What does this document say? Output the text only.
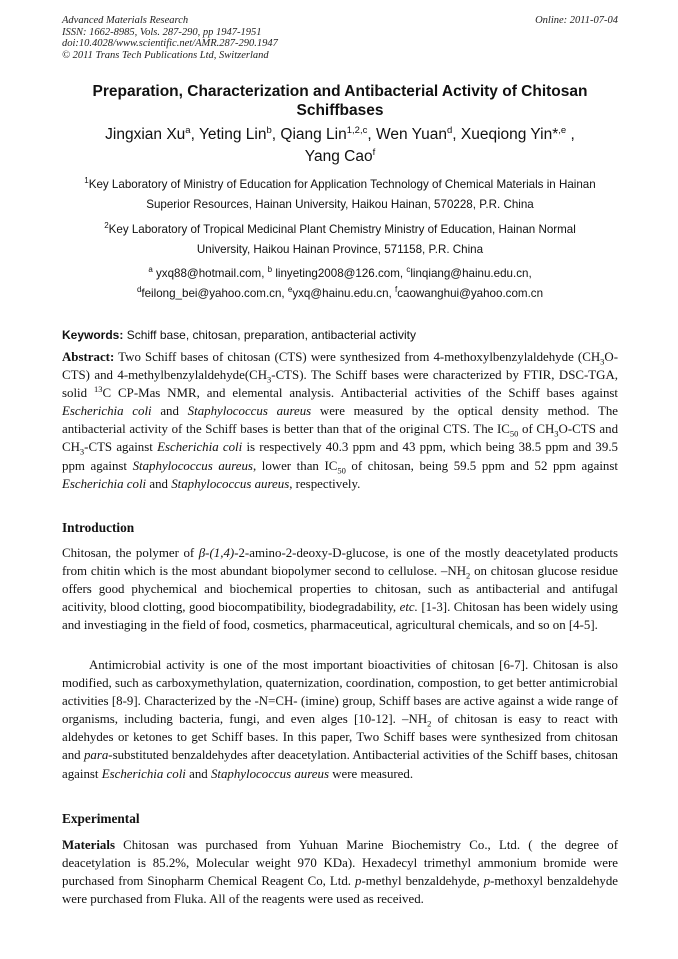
Advanced Materials Research
ISSN: 1662-8985, Vols. 287-290, pp 1947-1951
doi:10.4028/www.scientific.net/AMR.287-290.1947
© 2011 Trans Tech Publications Ltd, Switzerland
Online: 2011-07-04
Preparation, Characterization and Antibacterial Activity of Chitosan
Schiffbases
Jingxian Xu$^a$, Yeting Lin$^b$, Qiang Lin$^{1,2,c}$, Wen Yuan$^d$, Xueqiong Yin*$^{,e}$ ,
Yang Cao$^f$
$^1$Key Laboratory of Ministry of Education for Application Technology of Chemical Materials in Hainan
Superior Resources, Hainan University, Haikou Hainan, 570228, P.R. China
$^2$Key Laboratory of Tropical Medicinal Plant Chemistry Ministry of Education, Hainan Normal
University, Haikou Hainan Province, 571158, P.R. China
$^a$ yxq88@hotmail.com, $^b$ linyeting2008@126.com, $^c$linqiang@hainu.edu.cn,
$^d$feilong_bei@yahoo.com.cn, $^e$yxq@hainu.edu.cn, $^f$caowanghui@yahoo.com.cn
Keywords: Schiff base, chitosan, preparation, antibacterial activity
Abstract: Two Schiff bases of chitosan (CTS) were synthesized from 4-methoxylbenzylaldehyde $(CH_3O-CTS)$ and $4-methylbenzylaldehyde(CH_3-CTS)$. The Schiff bases were characterized by FTIR, DSC-TGA, solid $^{13}$C CP-Mas NMR, and elemental analysis. Antibacterial activities of the Schiff bases against Escherichia coli and Staphylococcus aureus were measured by the optical density method. The antibacterial activity of the Schiff bases is better than that of the original CTS. The $IC_{50}$ of $CH_3O$-CTS and $CH_3$-CTS against Escherichia coli is respectively 40.3 ppm and 43 ppm, which being 38.5 ppm and 39.5 ppm against Staphylococcus aureus, lower than $IC_{50}$ of chitosan, being 59.5 ppm and 52 ppm against Escherichia coli and Staphylococcus aureus, respectively.
Introduction
Chitosan, the polymer of β-(1,4)-2-amino-2-deoxy-D-glucose, is one of the mostly deacetylated products from chitin which is the most abundant biopolymer second to cellulose. $-NH_2$ on chitosan glucose residue offers good phychemical and biochemical properties to chitosan, such as antibacterial and antifugal acitivity, blood clotting, good biocompatibility, biodegradability, etc. [1-3]. Chitosan has been widely using and investiaging in the field of food, cosmetics, pharmaceutical, agricultural chemicals, and so on [4-5].
Antimicrobial activity is one of the most important bioactivities of chitosan [6-7]. Chitosan is also modified, such as carboxymethylation, quaternization, coordination, compostion, to get better antimicrobial activities [8-9]. Characterized by the -N=CH- (imine) group, Schiff bases are active against a wide range of organisms, including bacteria, fungi, and even alges [10-12]. $-NH_2$ of chitosan is easy to react with aldehydes or ketones to get Schiff bases. In this paper, Two Schiff bases were synthesized from chitosan and para-substituted benzaldehydes after deacetylation. Antibacterial activities of the Schiff bases, chitosan against Escherichia coli and Staphylococcus aureus were measured.
Experimental
Materials Chitosan was purchased from Yuhuan Marine Biochemistry Co., Ltd. ( the degree of deacetylation is 85.2%, Molecular weight 970 KDa). Hexadecyl trimethyl ammonium bromide were purchased from Sinopharm Chemical Reagent Co, Ltd. p-methyl benzaldehyde, p-methoxyl benzaldehyde were purchased from Fluka. All of the reagents were used as received.
